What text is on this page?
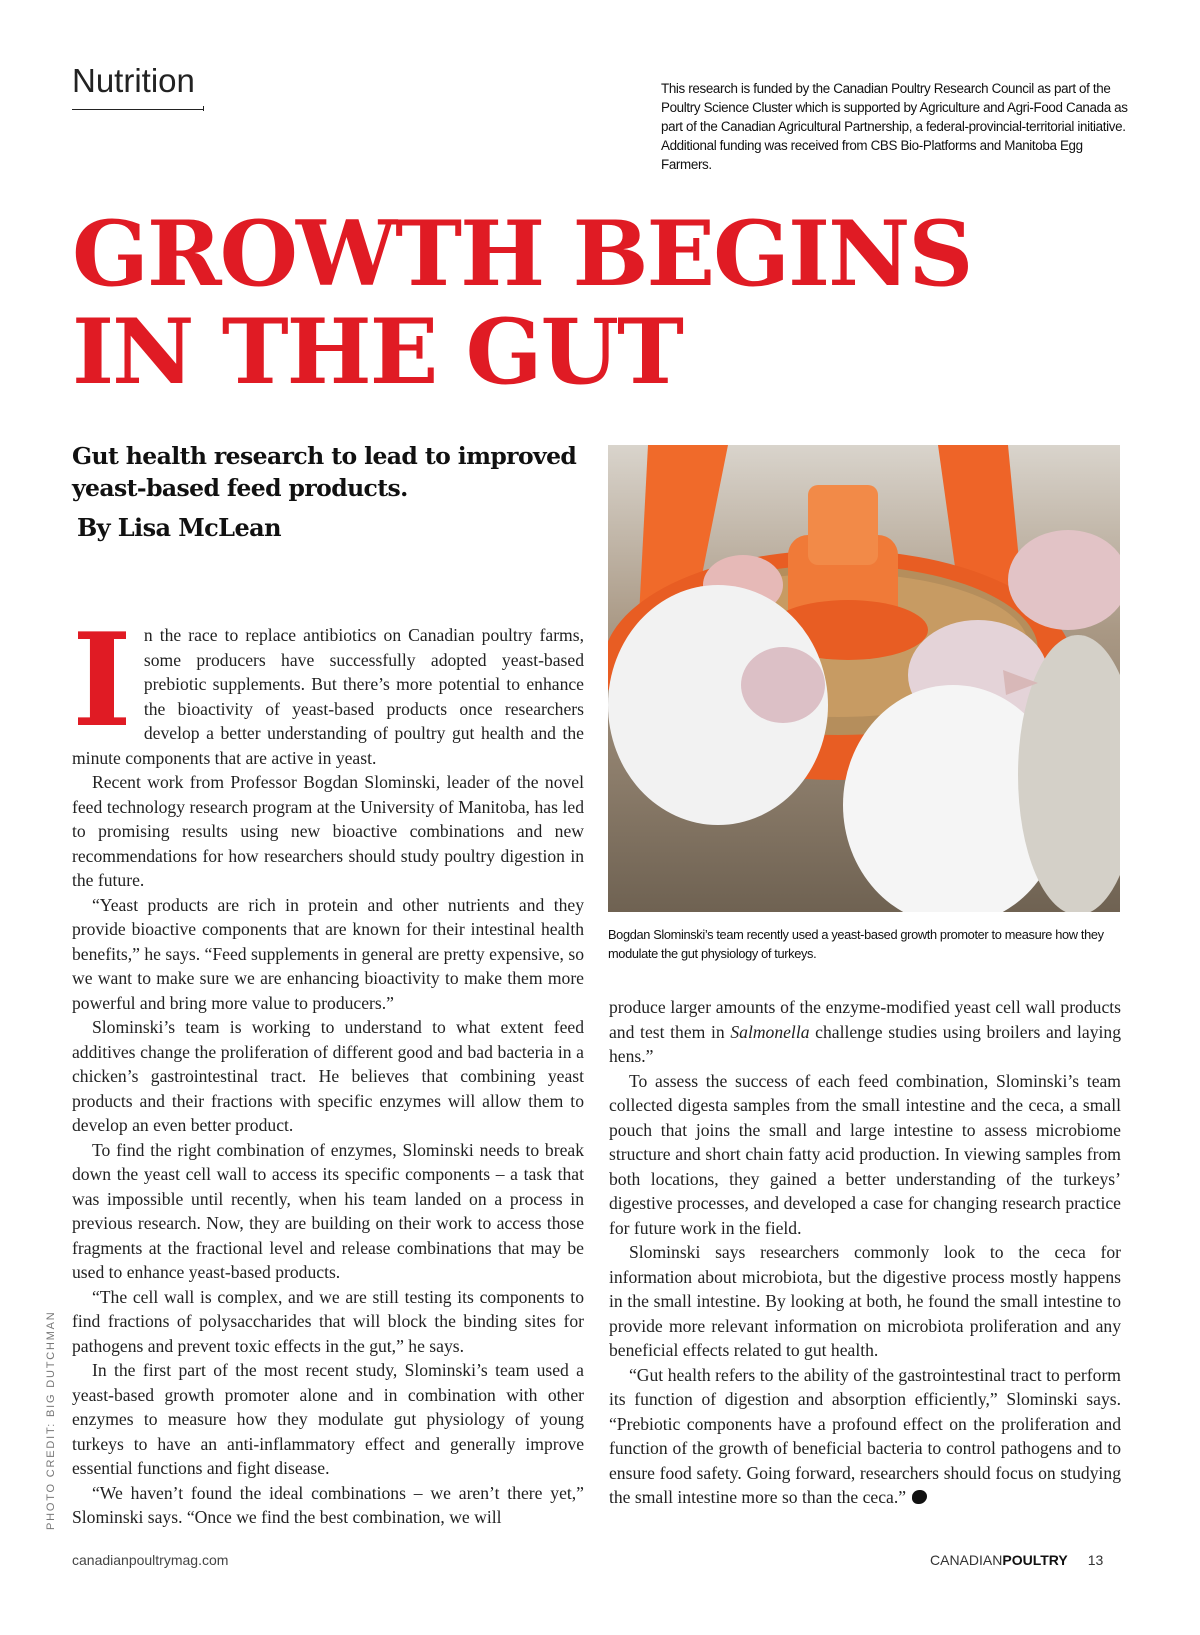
Nutrition	This research is funded by the Canadian Poultry Research Council as part of the Poultry Science Cluster which is supported by Agriculture and Agri-Food Canada as part of the Canadian Agricultural Partnership, a federal-provincial-territorial initiative. Additional funding was received from CBS Bio-Platforms and Manitoba Egg Farmers.
GROWTH BEGINS
IN THE GUT
Gut health research to lead to improved yeast-based feed products.
By Lisa McLean
Bogdan Slominski’s team recently used a yeast-based growth promoter to measure how they modulate the gut physiology of turkeys.

In the race to replace antibiotics on Canadian poultry farms, some producers have successfully adopted yeast-based prebiotic supplements. But there’s more potential to enhance the bioactivity of yeast-based products once researchers develop a better understanding of poultry gut health and the minute components that are active in yeast.

Recent work from Professor Bogdan Slominski, leader of the novel feed technology research program at the University of Manitoba, has led to promising results using new bioactive combinations and new recommendations for how researchers should study poultry digestion in the future.

“Yeast products are rich in protein and other nutrients and they provide bioactive components that are known for their intestinal health benefits,” he says. “Feed supplements in general are pretty expensive, so we want to make sure we are enhancing bioactivity to make them more powerful and bring more value to producers.”

Slominski’s team is working to understand to what extent feed additives change the proliferation of different good and bad bacteria in a chicken’s gastrointestinal tract. He believes that combining yeast products and their fractions with specific enzymes will allow them to develop an even better product.

To find the right combination of enzymes, Slominski needs to break down the yeast cell wall to access its specific components – a task that was impossible until recently, when his team landed on a process in previous research. Now, they are building on their work to access those fragments at the fractional level and release combinations that may be used to enhance yeast-based products.

“The cell wall is complex, and we are still testing its components to find fractions of polysaccharides that will block the binding sites for pathogens and prevent toxic effects in the gut,” he says.

In the first part of the most recent study, Slominski’s team used a yeast-based growth promoter alone and in combination with other enzymes to measure how they modulate gut physiology of young turkeys to have an anti-inflammatory effect and generally improve essential functions and fight disease.

“We haven’t found the ideal combinations – we aren’t there yet,” Slominski says. “Once we find the best combination, we will

produce larger amounts of the enzyme-modified yeast cell wall products and test them in Salmonella challenge studies using broilers and laying hens.”

To assess the success of each feed combination, Slominski’s team collected digesta samples from the small intestine and the ceca, a small pouch that joins the small and large intestine to assess microbiome structure and short chain fatty acid production. In viewing samples from both locations, they gained a better understanding of the turkeys’ digestive processes, and developed a case for changing research practice for future work in the field.

Slominski says researchers commonly look to the ceca for information about microbiota, but the digestive process mostly happens in the small intestine. By looking at both, he found the small intestine to provide more relevant information on microbiota proliferation and any beneficial effects related to gut health.

“Gut health refers to the ability of the gastrointestinal tract to perform its function of digestion and absorption efficiently,” Slominski says. “Prebiotic components have a profound effect on the proliferation and function of the growth of beneficial bacteria to control pathogens and to ensure food safety. Going forward, researchers should focus on studying the small intestine more so than the ceca.”

PHOTO CREDIT: BIG DUTCHMAN
canadianpoultrymag.com	CANADIANPOULTRY 13
